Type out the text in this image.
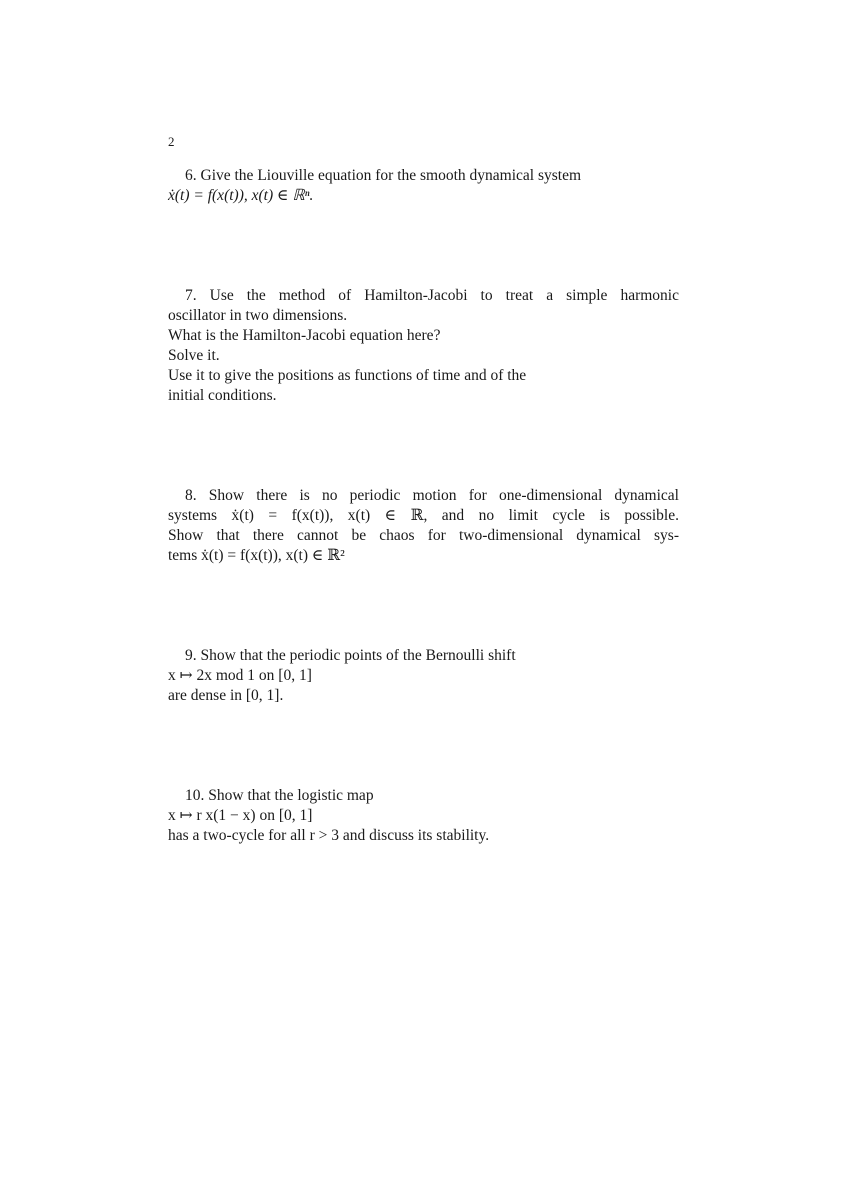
2
6. Give the Liouville equation for the smooth dynamical system
ẋ(t) = f(x(t)), x(t) ∈ ℝⁿ.
7. Use the method of Hamilton-Jacobi to treat a simple harmonic
oscillator in two dimensions.
What is the Hamilton-Jacobi equation here?
Solve it.
Use it to give the positions as functions of time and of the
initial conditions.
8. Show there is no periodic motion for one-dimensional dynamical
systems ẋ(t) = f(x(t)), x(t) ∈ ℝ, and no limit cycle is possible.
Show that there cannot be chaos for two-dimensional dynamical sys-
tems ẋ(t) = f(x(t)), x(t) ∈ ℝ²
9. Show that the periodic points of the Bernoulli shift
x ↦ 2x mod 1 on [0, 1]
are dense in [0, 1].
10. Show that the logistic map
x ↦ r x(1 − x) on [0, 1]
has a two-cycle for all r > 3 and discuss its stability.
